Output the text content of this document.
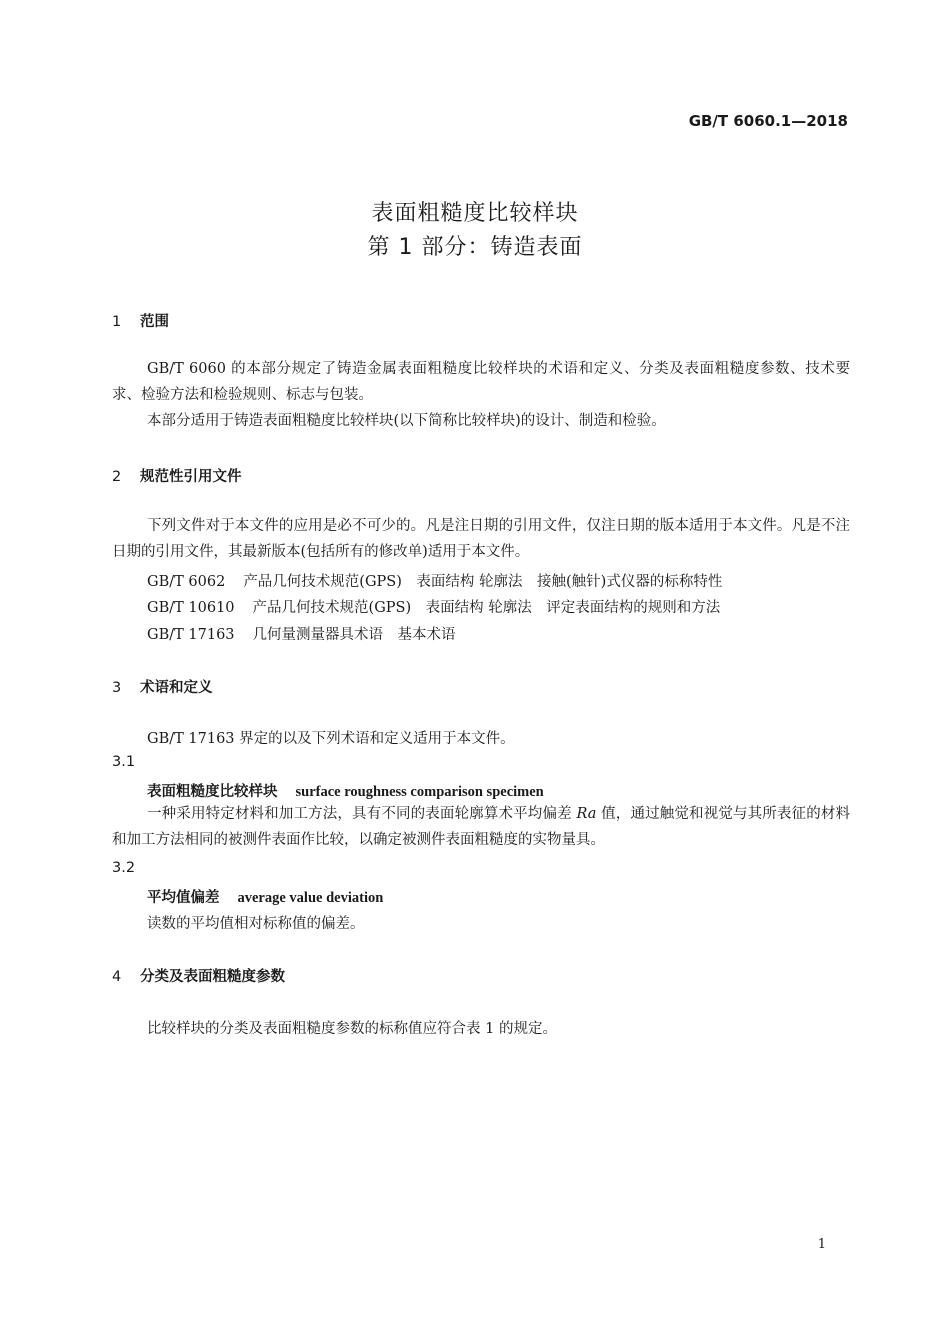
GB/T 6060.1—2018
表面粗糙度比较样块
第 1 部分：铸造表面
1 范围
GB/T 6060 的本部分规定了铸造金属表面粗糙度比较样块的术语和定义、分类及表面粗糙度参数、技术要求、检验方法和检验规则、标志与包装。
本部分适用于铸造表面粗糙度比较样块(以下简称比较样块)的设计、制造和检验。
2 规范性引用文件
下列文件对于本文件的应用是必不可少的。凡是注日期的引用文件，仅注日期的版本适用于本文件。凡是不注日期的引用文件，其最新版本(包括所有的修改单)适用于本文件。
GB/T 6062 产品几何技术规范(GPS)　表面结构 轮廓法　接触(触针)式仪器的标称特性
GB/T 10610 产品几何技术规范(GPS)　表面结构 轮廓法　评定表面结构的规则和方法
GB/T 17163 几何量测量器具术语　基本术语
3 术语和定义
GB/T 17163 界定的以及下列术语和定义适用于本文件。
3.1
表面粗糙度比较样块 surface roughness comparison specimen
一种采用特定材料和加工方法，具有不同的表面轮廓算术平均偏差 Ra 值，通过触觉和视觉与其所表征的材料和加工方法相同的被测件表面作比较，以确定被测件表面粗糙度的实物量具。
3.2
平均值偏差 average value deviation
读数的平均值相对标称值的偏差。
4 分类及表面粗糙度参数
比较样块的分类及表面粗糙度参数的标称值应符合表 1 的规定。
1
